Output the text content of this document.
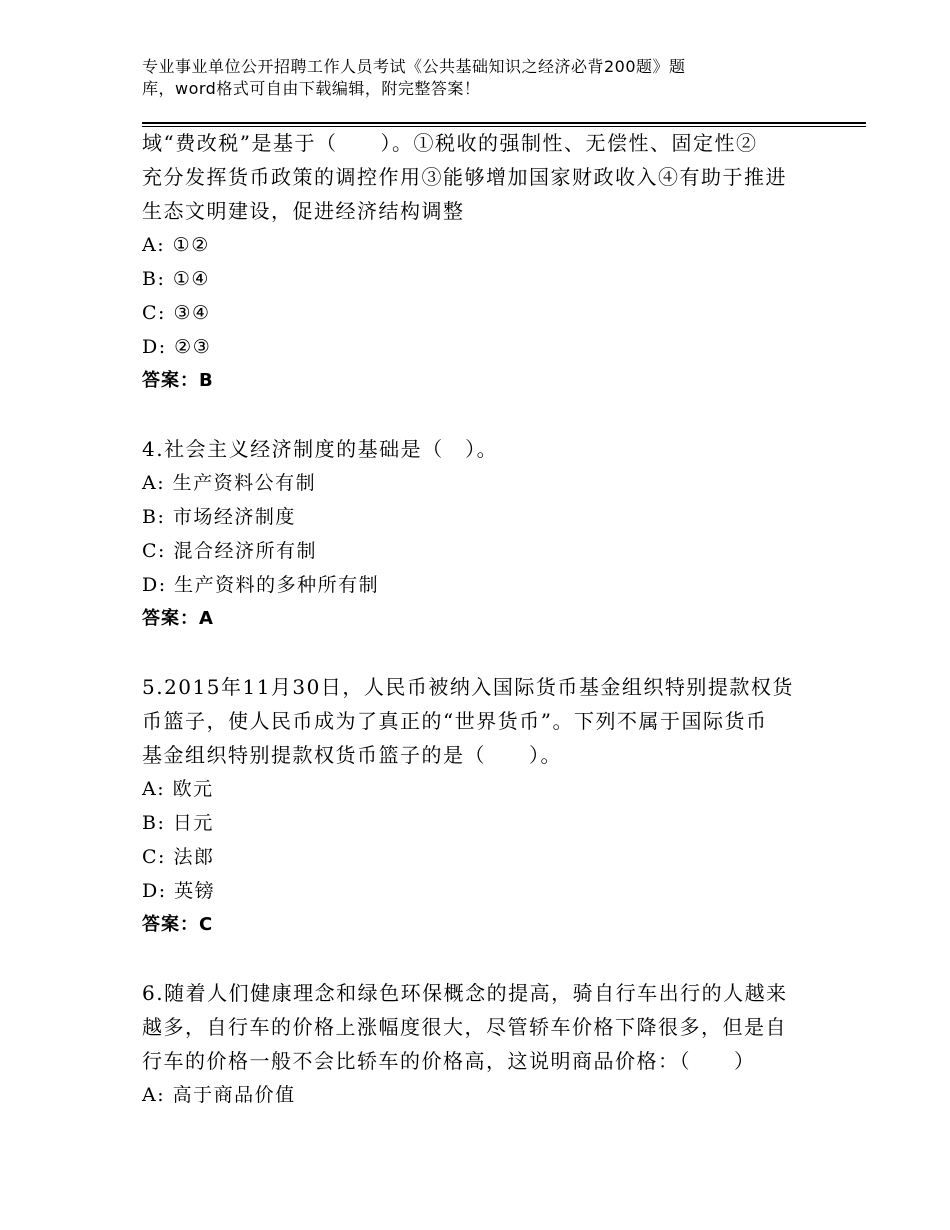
专业事业单位公开招聘工作人员考试《公共基础知识之经济必背200题》题
库，word格式可自由下载编辑，附完整答案！
域“费改税”是基于（　　）。①税收的强制性、无偿性、固定性②
充分发挥货币政策的调控作用③能够增加国家财政收入④有助于推进
生态文明建设，促进经济结构调整
A: ①②
B: ①④
C: ③④
D: ②③
答案：B
4.社会主义经济制度的基础是（　）。
A: 生产资料公有制
B: 市场经济制度
C: 混合经济所有制
D: 生产资料的多种所有制
答案：A
5.2015年11月30日，人民币被纳入国际货币基金组织特别提款权货
币篮子，使人民币成为了真正的“世界货币”。下列不属于国际货币
基金组织特别提款权货币篮子的是（　　）。
A: 欧元
B: 日元
C: 法郎
D: 英镑
答案：C
6.随着人们健康理念和绿色环保概念的提高，骑自行车出行的人越来
越多，自行车的价格上涨幅度很大，尽管轿车价格下降很多，但是自
行车的价格一般不会比轿车的价格高，这说明商品价格：（　　）
A: 高于商品价值
